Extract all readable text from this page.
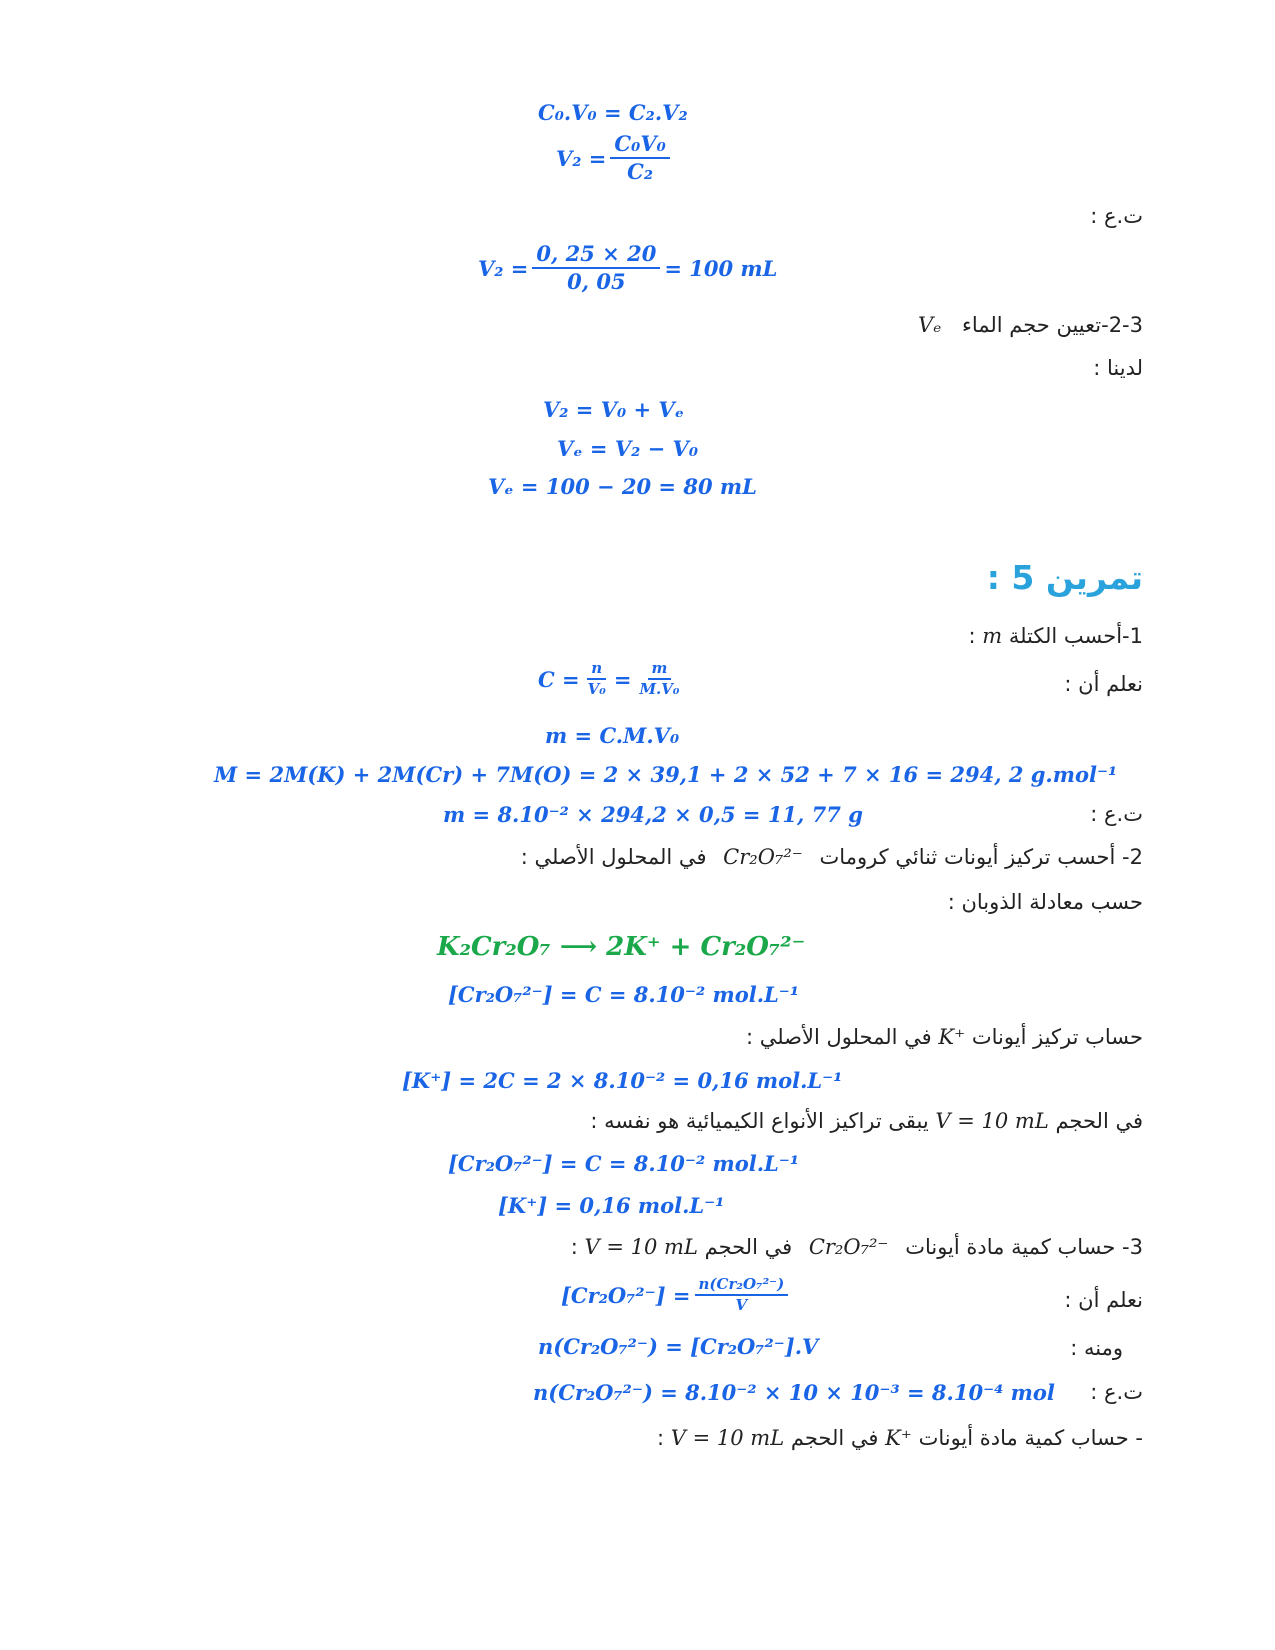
C₀.V₀ = C₂.V₂
$V_2 = \frac{\text{C₀V₀}}{\text{C₂}}$
ت.ع :
$V_2 = \frac{0, 25 \times 20}{0, 05} = 100$ mL
2-3-تعيين حجم الماء Vₑ
لدينا :
V₂ = V₀ + Vₑ
Vₑ = V₂ − V₀
Vₑ = 100 − 20 = 80 mL
تمرين 5 :
1-أحسب الكتلة m :
نعلم أن :
$C = \frac{n}{\text{V₀}} = \frac{m}{\text{M.V₀}}$
m = C.M.V₀
M = 2M(K) + 2M(Cr) + 7M(O) = 2 × 39,1 + 2 × 52 + 7 × 16 = 294, 2 g.mol⁻¹
ت.ع :
m = 8.10⁻² × 294,2 × 0,5 = 11, 77 g
2- أحسب تركيز أيونات ثنائي كرومات Cr₂O₇²⁻ في المحلول الأصلي :
حسب معادلة الذوبان :
K₂Cr₂O₇ ⟶ 2K⁺ + Cr₂O₇²⁻
[Cr₂O₇²⁻] = C = 8.10⁻² mol.L⁻¹
حساب تركيز أيونات K⁺ في المحلول الأصلي :
[K⁺] = 2C = 2 × 8.10⁻² = 0,16 mol.L⁻¹
في الحجم V = 10 mL يبقى تراكيز الأنواع الكيميائية هو نفسه :
[Cr₂O₇²⁻] = C = 8.10⁻² mol.L⁻¹
[K⁺] = 0,16 mol.L⁻¹
3- حساب كمية مادة أيونات Cr₂O₇²⁻ في الحجم V = 10 mL :
نعلم أن :
$[Cr_2O_7^{2-}] = \frac{\text{n(Cr₂O₇²⁻)}}{V}$
ومنه :
n(Cr₂O₇²⁻) = [Cr₂O₇²⁻].V
ت.ع :
n(Cr₂O₇²⁻) = 8.10⁻² × 10 × 10⁻³ = 8.10⁻⁴ mol
- حساب كمية مادة أيونات K⁺ في الحجم V = 10 mL :
